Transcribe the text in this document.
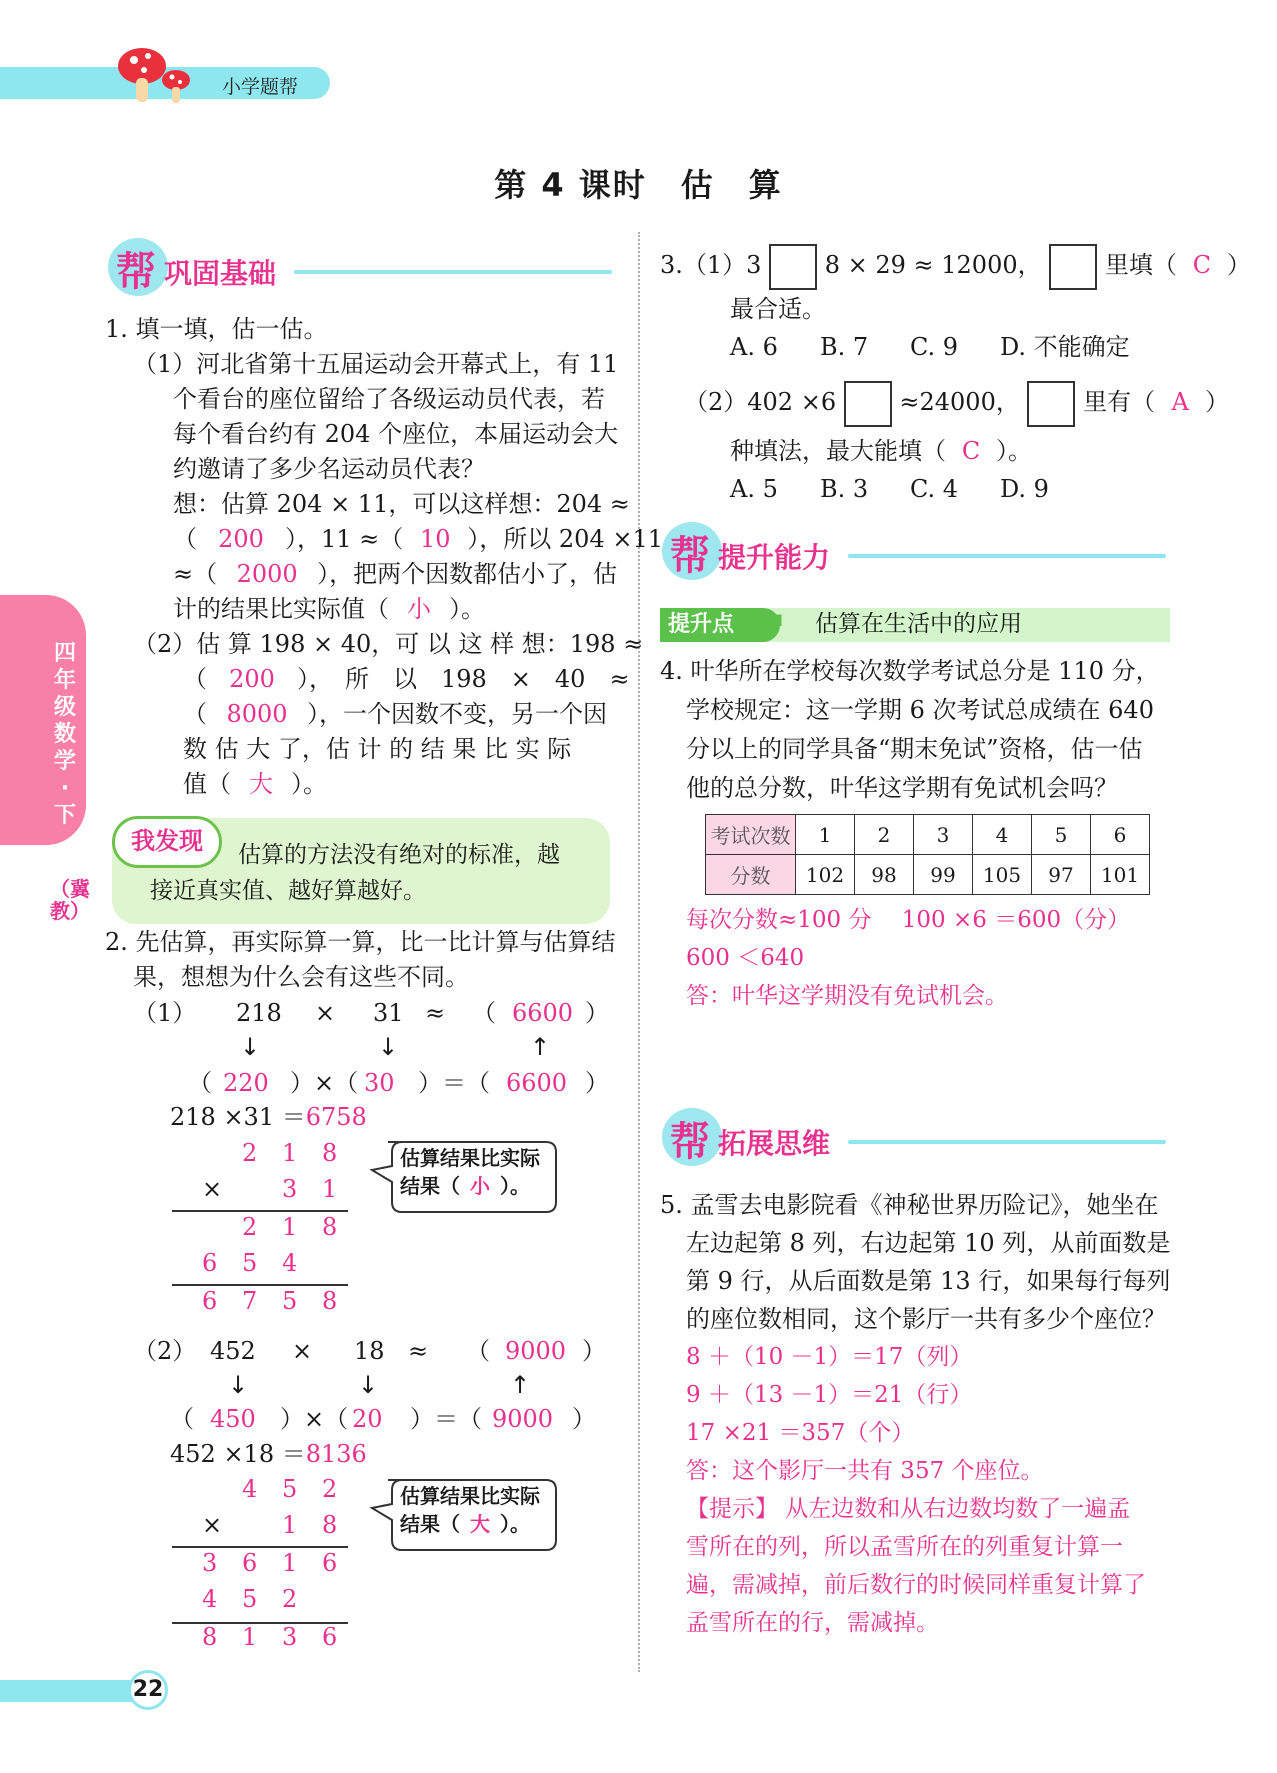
小学题帮
第 4 课时　估　算
四年级数学·下
（冀教）
帮 巩固基础
1. 填一填，估一估。
（1）河北省第十五届运动会开幕式上，有 11
个看台的座位留给了各级运动员代表，若
每个看台约有 204 个座位，本届运动会大
约邀请了多少名运动员代表？
想：估算 204 × 11，可以这样想：204 ≈
（ 200 ），11 ≈（ 10 ），所以 204 ×11
≈（ 2000 ），把两个因数都估小了，估
计的结果比实际值（ 小 ）。
（2）估 算 198 × 40，可 以 这 样 想：198 ≈
（ 200 ），　所　以　198　×　40　≈
（ 8000 ），一个因数不变，另一个因
数 估 大 了，估 计 的 结 果 比 实 际
值（ 大 ）。
我发现	估算的方法没有绝对的标准，越
接近真实值、越好算越好。
2. 先估算，再实际算一算，比一比计算与估算结
果，想想为什么会有这些不同。
（1） 218 × 31 ≈ （ 6600 ）
↓	↓	↑
（ 220 ）×（ 30 ）＝（ 6600 ）
218 ×31 ＝6758
2 1 8
× 3 1
2 1 8
6 5 4
6 7 5 8
估算结果比实际
结果（ 小 ）。
（2） 452 × 18 ≈ （ 9000 ）
↓	↓	↑
（ 450 ）×（ 20 ）＝（ 9000 ）
452 ×18 ＝8136
4 5 2
× 1 8
3 6 1 6
4 5 2
8 1 3 6
估算结果比实际
结果（ 大 ）。
3.（1）3	8 × 29 ≈ 12000，	里填（ C ）
最合适。
A. 6 B. 7 C. 9 D. 不能确定
（2）402 ×6	≈24000，	里有（ A ）
种填法，最大能填（ C ）。
A. 5 B. 3 C. 4 D. 9
帮 提升能力
提升点	估算在生活中的应用
4. 叶华所在学校每次数学考试总分是 110 分，
学校规定：这一学期 6 次考试总成绩在 640
分以上的同学具备“期末免试”资格，估一估
他的总分数，叶华这学期有免试机会吗？
考试次数	1	2	3	4	5	6
分数	102	98	99	105	97	101
每次分数≈100 分　 100 ×6 ＝600（分）
600 ＜640
答：叶华这学期没有免试机会。
帮 拓展思维
5. 孟雪去电影院看《神秘世界历险记》，她坐在
左边起第 8 列，右边起第 10 列，从前面数是
第 9 行，从后面数是第 13 行，如果每行每列
的座位数相同，这个影厅一共有多少个座位？
8 ＋（10 －1）＝17（列）
9 ＋（13 －1）＝21（行）
17 ×21 ＝357（个）
答：这个影厅一共有 357 个座位。
【提示】 从左边数和从右边数均数了一遍孟
雪所在的列，所以孟雪所在的列重复计算一
遍，需减掉，前后数行的时候同样重复计算了
孟雪所在的行，需减掉。
22
